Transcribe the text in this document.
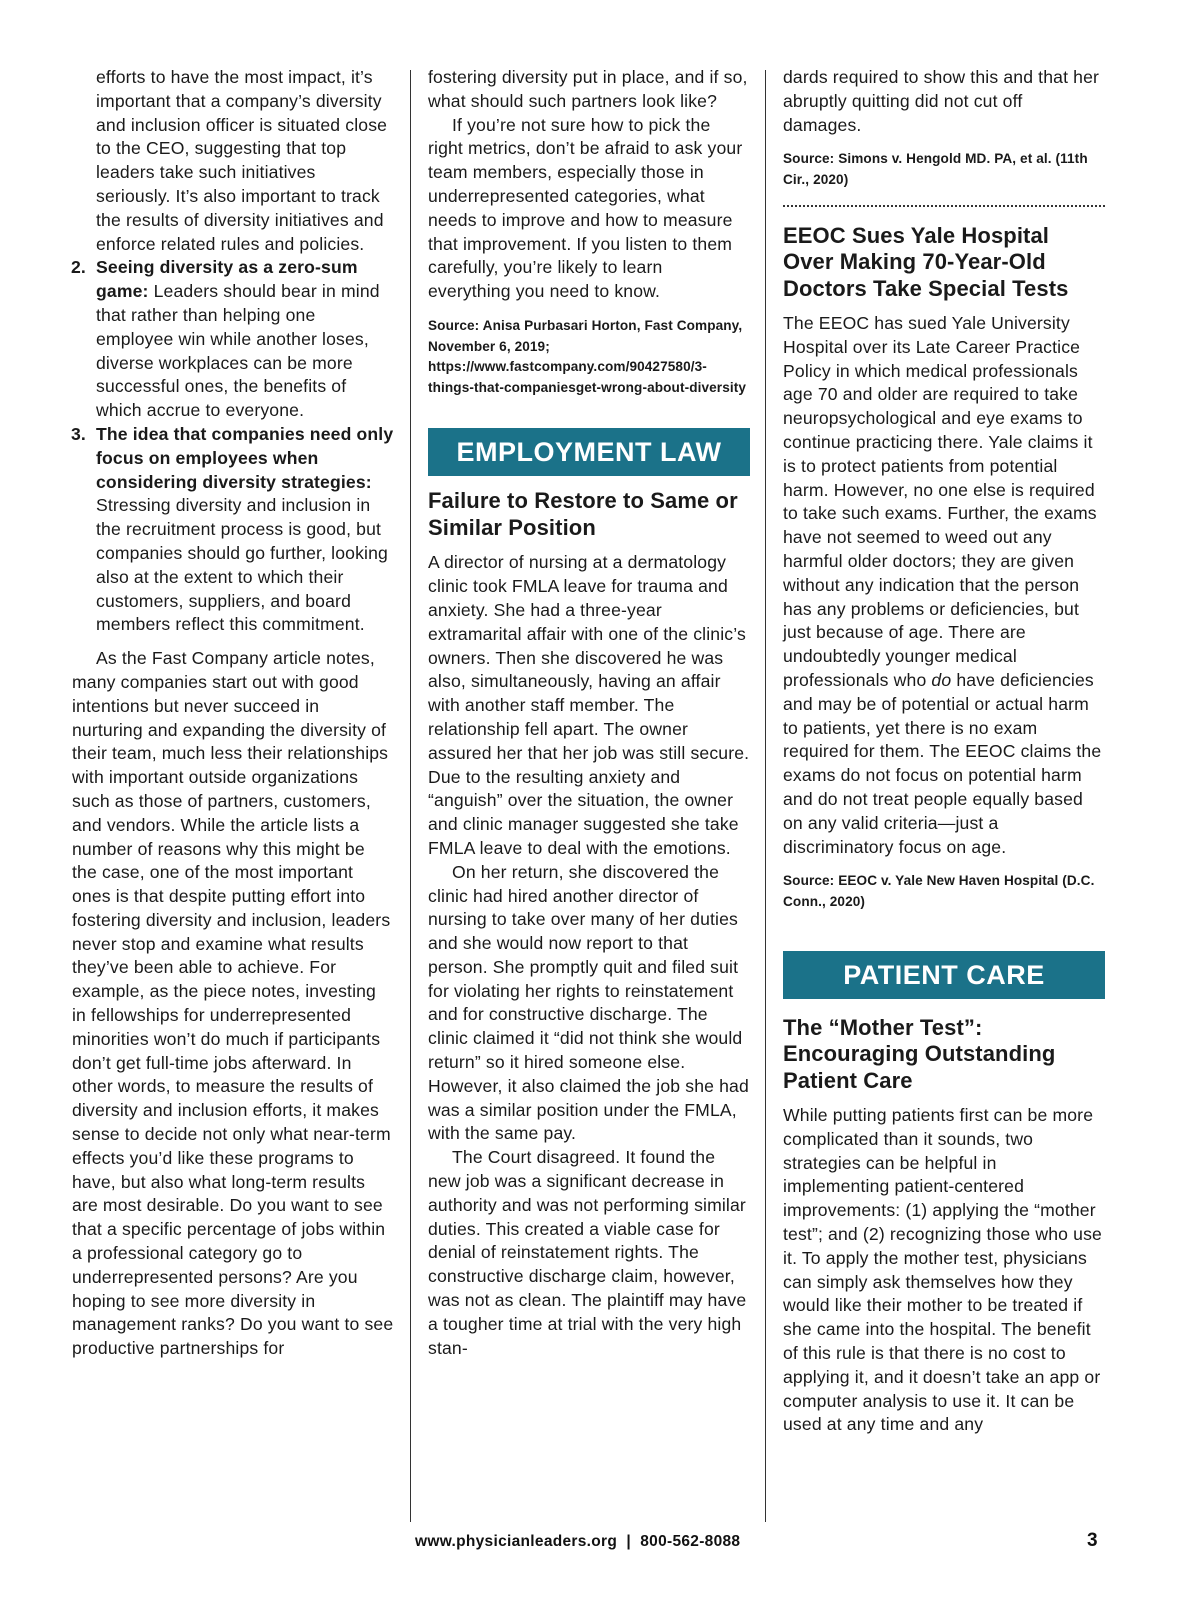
efforts to have the most impact, it’s important that a company’s diversity and inclusion officer is situated close to the CEO, suggesting that top leaders take such initiatives seriously. It’s also important to track the results of diversity initiatives and enforce related rules and policies.

2. Seeing diversity as a zero-sum game: Leaders should bear in mind that rather than helping one employee win while another loses, diverse workplaces can be more successful ones, the benefits of which accrue to everyone.
3. The idea that companies need only focus on employees when considering diversity strategies: Stressing diversity and inclusion in the recruitment process is good, but companies should go further, looking also at the extent to which their customers, suppliers, and board members reflect this commitment.

As the Fast Company article notes, many companies start out with good intentions but never succeed in nurturing and expanding the diversity of their team, much less their relationships with important outside organizations such as those of partners, customers, and vendors. While the article lists a number of reasons why this might be the case, one of the most important ones is that despite putting effort into fostering diversity and inclusion, leaders never stop and examine what results they’ve been able to achieve. For example, as the piece notes, investing in fellowships for underrepresented minorities won’t do much if participants don’t get full-time jobs afterward. In other words, to measure the results of diversity and inclusion efforts, it makes sense to decide not only what near-term effects you’d like these programs to have, but also what long-term results are most desirable. Do you want to see that a specific percentage of jobs within a professional category go to underrepresented persons? Are you hoping to see more diversity in management ranks? Do you want to see productive partnerships for

fostering diversity put in place, and if so, what should such partners look like?

If you’re not sure how to pick the right metrics, don’t be afraid to ask your team members, especially those in underrepresented categories, what needs to improve and how to measure that improvement. If you listen to them carefully, you’re likely to learn everything you need to know.

Source: Anisa Purbasari Horton, Fast Company, November 6, 2019; https://www.fastcompany.com/90427580/3-things-that-companiesget-wrong-about-diversity

EMPLOYMENT LAW
Failure to Restore to Same or Similar Position

A director of nursing at a dermatology clinic took FMLA leave for trauma and anxiety. She had a three-year extramarital affair with one of the clinic’s owners. Then she discovered he was also, simultaneously, having an affair with another staff member. The relationship fell apart. The owner assured her that her job was still secure. Due to the resulting anxiety and “anguish” over the situation, the owner and clinic manager suggested she take FMLA leave to deal with the emotions.

On her return, she discovered the clinic had hired another director of nursing to take over many of her duties and she would now report to that person. She promptly quit and filed suit for violating her rights to reinstatement and for constructive discharge. The clinic claimed it “did not think she would return” so it hired someone else. However, it also claimed the job she had was a similar position under the FMLA, with the same pay.

The Court disagreed. It found the new job was a significant decrease in authority and was not performing similar duties. This created a viable case for denial of reinstatement rights. The constructive discharge claim, however, was not as clean. The plaintiff may have a tougher time at trial with the very high stan-

dards required to show this and that her abruptly quitting did not cut off damages.

Source: Simons v. Hengold MD. PA, et al. (11th Cir., 2020)

EEOC Sues Yale Hospital Over Making 70-Year-Old Doctors Take Special Tests

The EEOC has sued Yale University Hospital over its Late Career Practice Policy in which medical professionals age 70 and older are required to take neuropsychological and eye exams to continue practicing there. Yale claims it is to protect patients from potential harm. However, no one else is required to take such exams. Further, the exams have not seemed to weed out any harmful older doctors; they are given without any indication that the person has any problems or deficiencies, but just because of age. There are undoubtedly younger medical professionals who do have deficiencies and may be of potential or actual harm to patients, yet there is no exam required for them. The EEOC claims the exams do not focus on potential harm and do not treat people equally based on any valid criteria—just a discriminatory focus on age.

Source: EEOC v. Yale New Haven Hospital (D.C. Conn., 2020)

PATIENT CARE
The “Mother Test”: Encouraging Outstanding Patient Care

While putting patients first can be more complicated than it sounds, two strategies can be helpful in implementing patient-centered improvements: (1) applying the “mother test”; and (2) recognizing those who use it. To apply the mother test, physicians can simply ask themselves how they would like their mother to be treated if she came into the hospital. The benefit of this rule is that there is no cost to applying it, and it doesn’t take an app or computer analysis to use it. It can be used at any time and any

www.physicianleaders.org  |  800-562-8088	3
